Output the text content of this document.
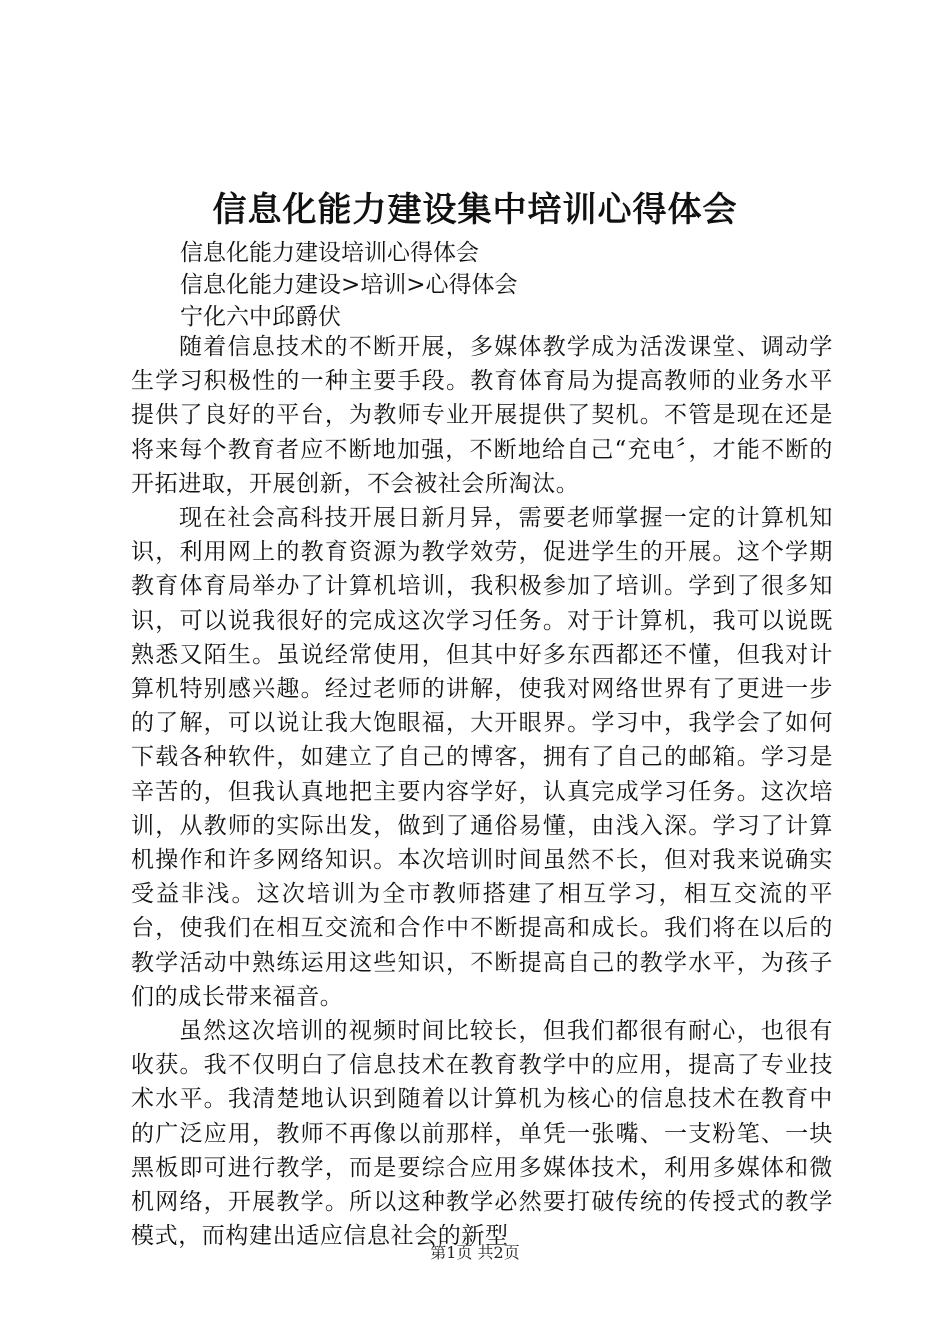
信息化能力建设集中培训心得体会
信息化能力建设培训心得体会
信息化能力建设>培训>心得体会
宁化六中邱爵伏

随着信息技术的不断开展，多媒体教学成为活泼课堂、调动学生学习积极性的一种主要手段。教育体育局为提高教师的业务水平提供了良好的平台，为教师专业开展提供了契机。不管是现在还是将来每个教育者应不断地加强，不断地给自己“充电〞，才能不断的开拓进取，开展创新，不会被社会所淘汰。

现在社会高科技开展日新月异，需要老师掌握一定的计算机知识，利用网上的教育资源为教学效劳，促进学生的开展。这个学期教育体育局举办了计算机培训，我积极参加了培训。学到了很多知识，可以说我很好的完成这次学习任务。对于计算机，我可以说既熟悉又陌生。虽说经常使用，但其中好多东西都还不懂，但我对计算机特别感兴趣。经过老师的讲解，使我对网络世界有了更进一步的了解，可以说让我大饱眼福，大开眼界。学习中，我学会了如何下载各种软件，如建立了自己的博客，拥有了自己的邮箱。学习是辛苦的，但我认真地把主要内容学好，认真完成学习任务。这次培训，从教师的实际出发，做到了通俗易懂，由浅入深。学习了计算机操作和许多网络知识。本次培训时间虽然不长，但对我来说确实受益非浅。这次培训为全市教师搭建了相互学习，相互交流的平台，使我们在相互交流和合作中不断提高和成长。我们将在以后的教学活动中熟练运用这些知识，不断提高自己的教学水平，为孩子们的成长带来福音。

虽然这次培训的视频时间比较长，但我们都很有耐心，也很有收获。我不仅明白了信息技术在教育教学中的应用，提高了专业技术水平。我清楚地认识到随着以计算机为核心的信息技术在教育中的广泛应用，教师不再像以前那样，单凭一张嘴、一支粉笔、一块黑板即可进行教学，而是要综合应用多媒体技术，利用多媒体和微机网络，开展教学。所以这种教学必然要打破传统的传授式的教学模式，而构建出适应信息社会的新型

第1页 共2页
